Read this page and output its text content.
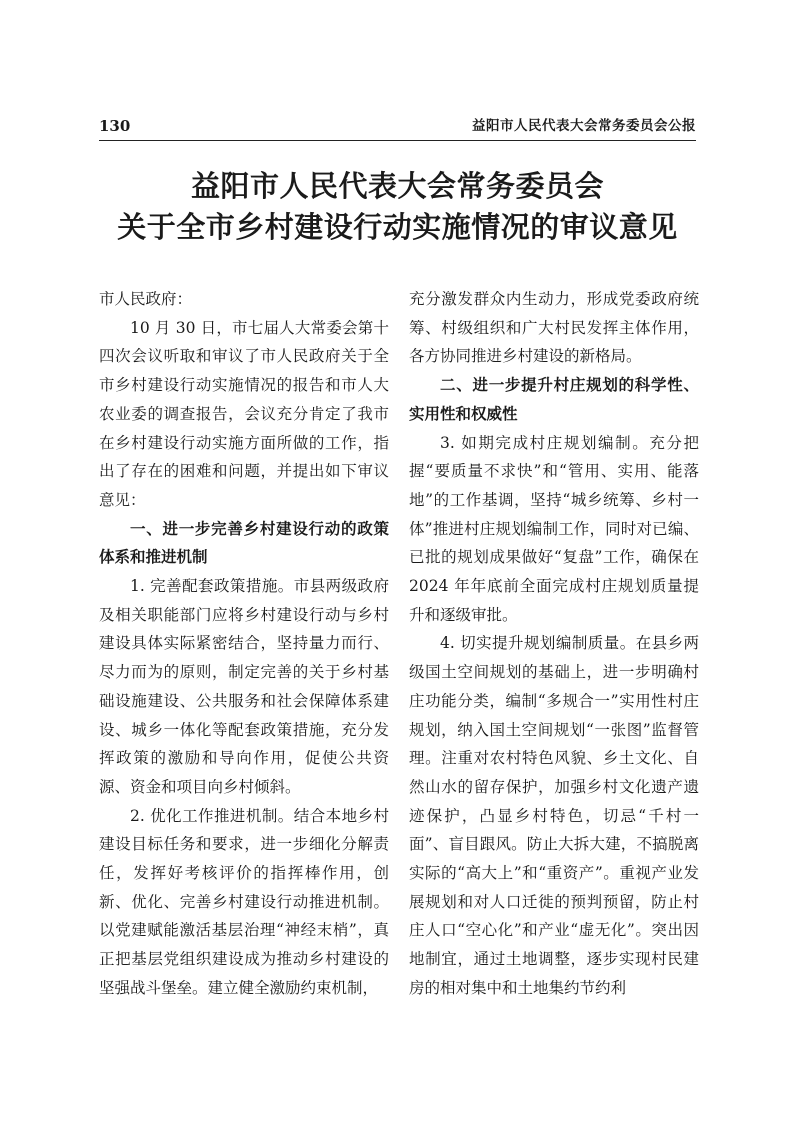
130	益阳市人民代表大会常务委员会公报
益阳市人民代表大会常务委员会
关于全市乡村建设行动实施情况的审议意见

市人民政府：

10 月 30 日，市七届人大常委会第十四次会议听取和审议了市人民政府关于全市乡村建设行动实施情况的报告和市人大农业委的调查报告，会议充分肯定了我市在乡村建设行动实施方面所做的工作，指出了存在的困难和问题，并提出如下审议意见：

一、进一步完善乡村建设行动的政策体系和推进机制

1. 完善配套政策措施。市县两级政府及相关职能部门应将乡村建设行动与乡村建设具体实际紧密结合，坚持量力而行、尽力而为的原则，制定完善的关于乡村基础设施建设、公共服务和社会保障体系建设、城乡一体化等配套政策措施，充分发挥政策的激励和导向作用，促使公共资源、资金和项目向乡村倾斜。

2. 优化工作推进机制。结合本地乡村建设目标任务和要求，进一步细化分解责任，发挥好考核评价的指挥棒作用，创新、优化、完善乡村建设行动推进机制。以党建赋能激活基层治理“神经末梢”，真正把基层党组织建设成为推动乡村建设的坚强战斗堡垒。建立健全激励约束机制，

充分激发群众内生动力，形成党委政府统筹、村级组织和广大村民发挥主体作用，各方协同推进乡村建设的新格局。

二、进一步提升村庄规划的科学性、实用性和权威性

3. 如期完成村庄规划编制。充分把握“要质量不求快”和“管用、实用、能落地”的工作基调，坚持“城乡统筹、乡村一体”推进村庄规划编制工作，同时对已编、已批的规划成果做好“复盘”工作，确保在 2024 年年底前全面完成村庄规划质量提升和逐级审批。

4. 切实提升规划编制质量。在县乡两级国土空间规划的基础上，进一步明确村庄功能分类，编制“多规合一”实用性村庄规划，纳入国土空间规划“一张图”监督管理。注重对农村特色风貌、乡土文化、自然山水的留存保护，加强乡村文化遗产遗迹保护，凸显乡村特色，切忌“千村一面”、盲目跟风。防止大拆大建，不搞脱离实际的“高大上”和“重资产”。重视产业发展规划和对人口迁徙的预判预留，防止村庄人口“空心化”和产业“虚无化”。突出因地制宜，通过土地调整，逐步实现村民建房的相对集中和土地集约节约利
